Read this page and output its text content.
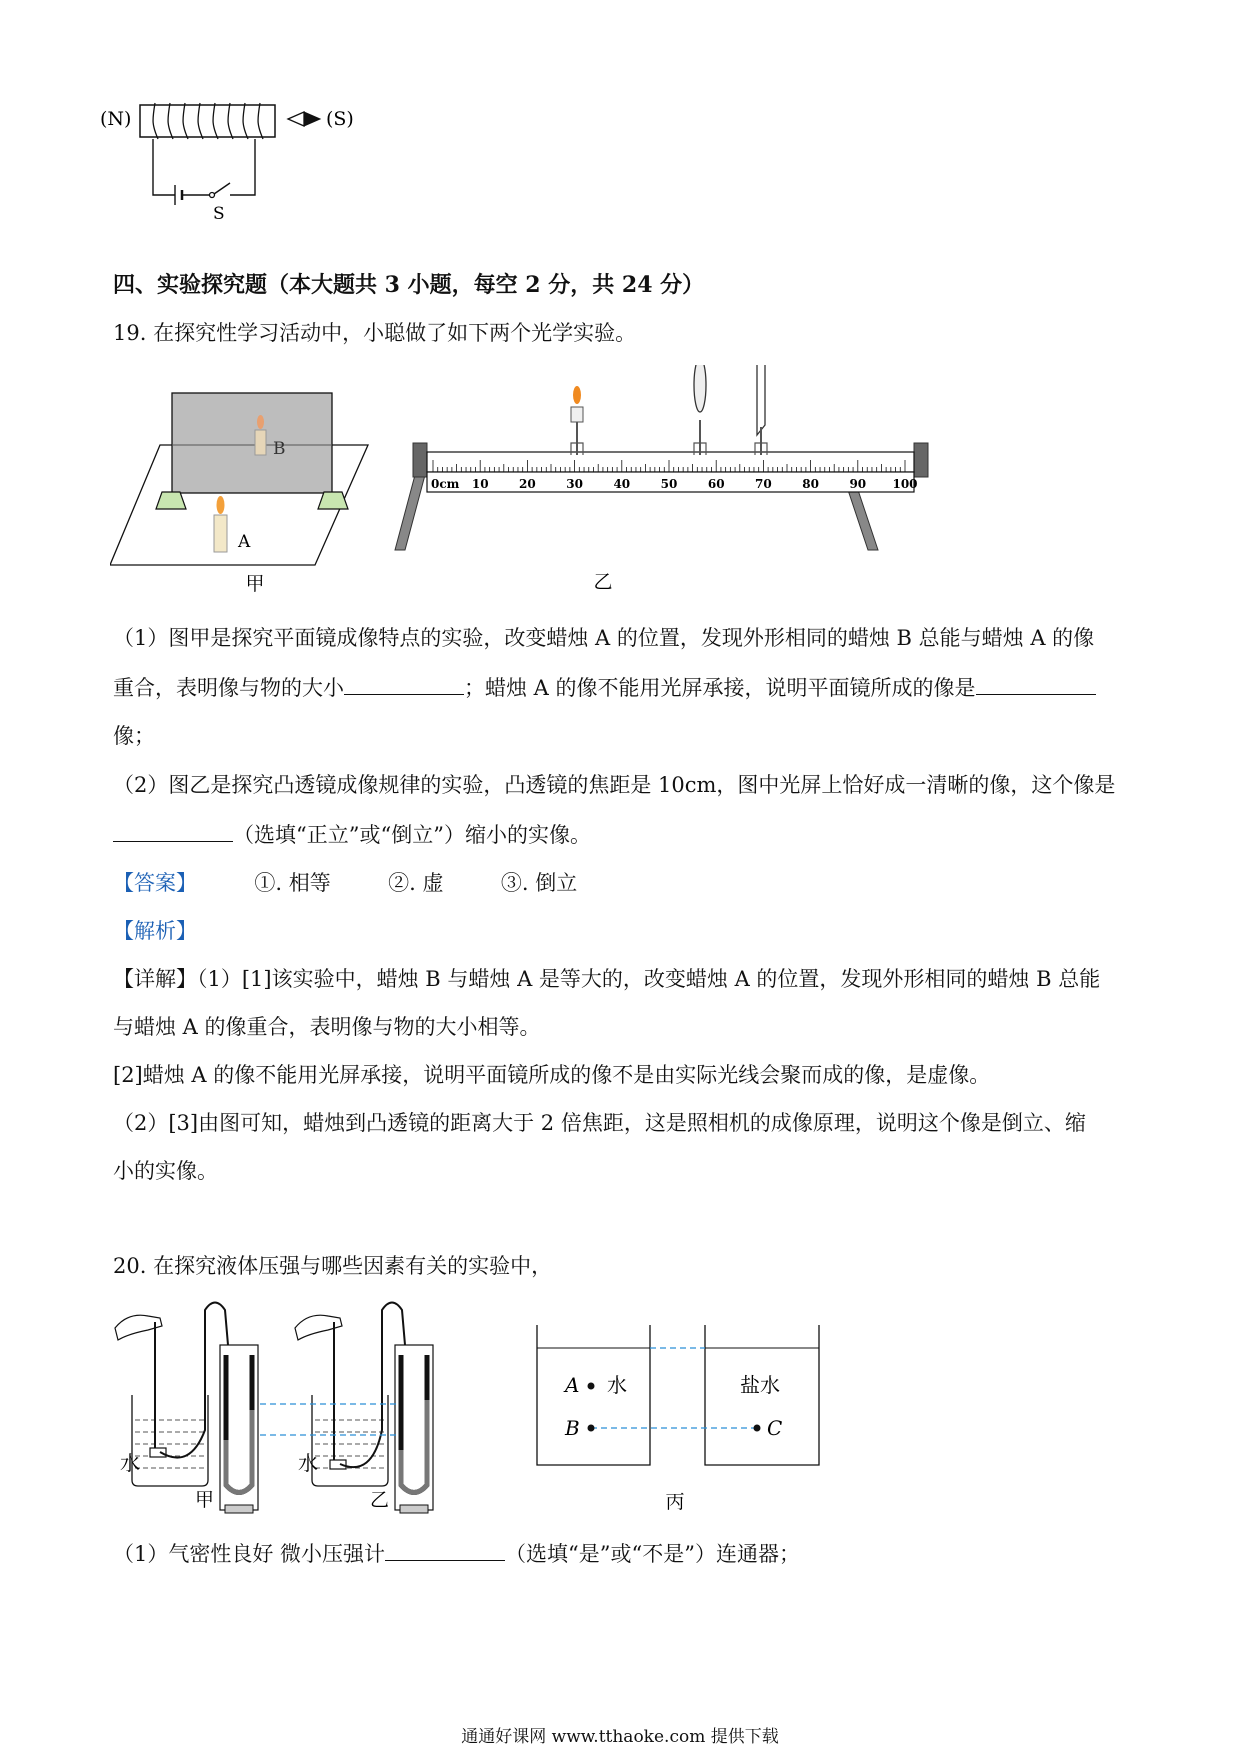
(N)	(S)
S
四、实验探究题（本大题共 3 小题，每空 2 分，共 24 分）
19. 在探究性学习活动中，小聪做了如下两个光学实验。
B
A
甲
0cm 10	20	30	40	50	60	70	80	90 100
乙
（1）图甲是探究平面镜成像特点的实验，改变蜡烛 A 的位置，发现外形相同的蜡烛 B 总能与蜡烛 A 的像
重合，表明像与物的大小	；蜡烛 A 的像不能用光屏承接，说明平面镜所成的像是
像；
（2）图乙是探究凸透镜成像规律的实验，凸透镜的焦距是 10cm，图中光屏上恰好成一清晰的像，这个像是
（选填“正立”或“倒立”）缩小的实像。
【答案】	①. 相等	②. 虚	③. 倒立
【解析】
【详解】（1）[1]该实验中，蜡烛 B 与蜡烛 A 是等大的，改变蜡烛 A 的位置，发现外形相同的蜡烛 B 总能
与蜡烛 A 的像重合，表明像与物的大小相等。
[2]蜡烛 A 的像不能用光屏承接，说明平面镜所成的像不是由实际光线会聚而成的像，是虚像。
（2）[3]由图可知，蜡烛到凸透镜的距离大于 2 倍焦距，这是照相机的成像原理，说明这个像是倒立、缩
小的实像。
20. 在探究液体压强与哪些因素有关的实验中，
水
甲
水
乙
A 水	盐水
B	C
丙
（1）气密性良好 微小压强计	（选填“是”或“不是”）连通器；
通通好课网 www.tthaoke.com 提供下载
